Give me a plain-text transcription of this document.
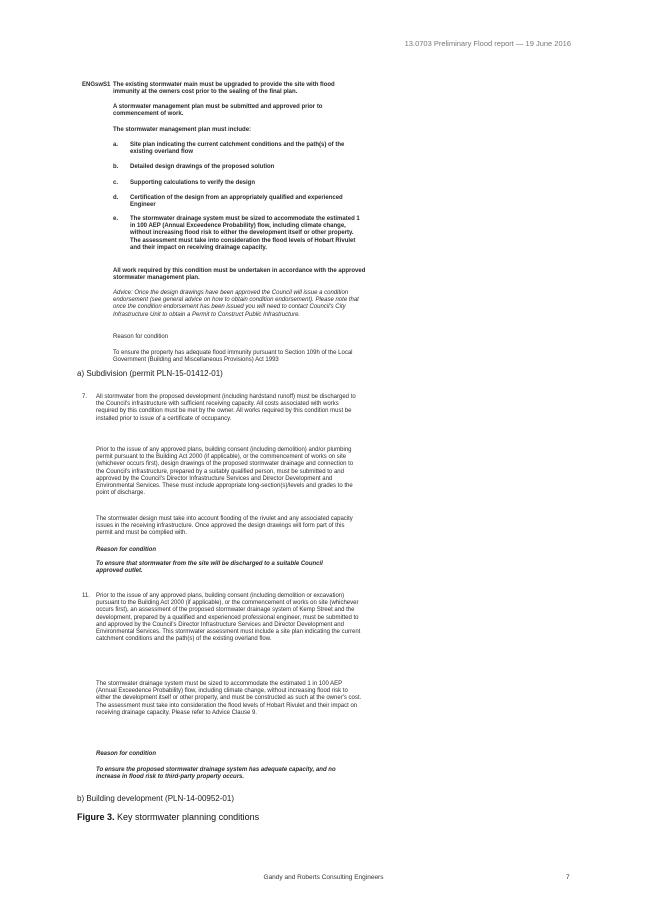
13.0703 Preliminary Flood report — 19 June 2016
ENGswS1 The existing stormwater main must be upgraded to provide the site with flood immunity at the owners cost prior to the sealing of the final plan.

A stormwater management plan must be submitted and approved prior to commencement of work.

The stormwater management plan must include:

a. Site plan indicating the current catchment conditions and the path(s) of the existing overland flow
b. Detailed design drawings of the proposed solution
c. Supporting calculations to verify the design
d. Certification of the design from an appropriately qualified and experienced Engineer
e. The stormwater drainage system must be sized to accommodate the estimated 1 in 100 AEP (Annual Exceedence Probability) flow, including climate change, without increasing flood risk to either the development itself or other property. The assessment must take into consideration the flood levels of Hobart Rivulet and their impact on receiving drainage capacity.

All work required by this condition must be undertaken in accordance with the approved stormwater management plan.

Advice: Once the design drawings have been approved the Council will issue a condition endorsement (see general advice on how to obtain condition endorsement). Please note that once the condition endorsement has been issued you will need to contact Council's City Infrastructure Unit to obtain a Permit to Construct Public Infrastructure.

Reason for condition

To ensure the property has adequate flood immunity pursuant to Section 109h of the Local Government (Building and Miscellaneous Provisions) Act 1993

a) Subdivision (permit PLN-15-01412-01)
7. All stormwater from the proposed development (including hardstand runoff) must be discharged to the Council's infrastructure with sufficient receiving capacity. All costs associated with works required by this condition must be met by the owner. All works required by this condition must be installed prior to issue of a certificate of occupancy.

Prior to the issue of any approved plans, building consent (including demolition) and/or plumbing permit pursuant to the Building Act 2000 (if applicable), or the commencement of works on site (whichever occurs first), design drawings of the proposed stormwater drainage and connection to the Council's infrastructure, prepared by a suitably qualified person, must be submitted to and approved by the Council's Director Infrastructure Services and Director Development and Environmental Services. These must include appropriate long-section(s)/levels and grades to the point of discharge.

The stormwater design must take into account flooding of the rivulet and any associated capacity issues in the receiving infrastructure. Once approved the design drawings will form part of this permit and must be complied with.

Reason for condition

To ensure that stormwater from the site will be discharged to a suitable Council approved outlet.

11. Prior to the issue of any approved plans, building consent (including demolition or excavation) pursuant to the Building Act 2000 (if applicable), or the commencement of works on site (whichever occurs first), an assessment of the proposed stormwater drainage system of Kemp Street and the development, prepared by a qualified and experienced professional engineer, must be submitted to and approved by the Council's Director Infrastructure Services and Director Development and Environmental Services. This stormwater assessment must include a site plan indicating the current catchment conditions and the path(s) of the existing overland flow.

The stormwater drainage system must be sized to accommodate the estimated 1 in 100 AEP (Annual Exceedence Probability) flow, including climate change, without increasing flood risk to either the development itself or other property, and must be constructed as such at the owner's cost. The assessment must take into consideration the flood levels of Hobart Rivulet and their impact on receiving drainage capacity. Please refer to Advice Clause 9.

Reason for condition

To ensure the proposed stormwater drainage system has adequate capacity, and no increase in flood risk to third-party property occurs.

b) Building development (PLN-14-00952-01)
Figure 3. Key stormwater planning conditions
Gandy and Roberts Consulting Engineers	7
